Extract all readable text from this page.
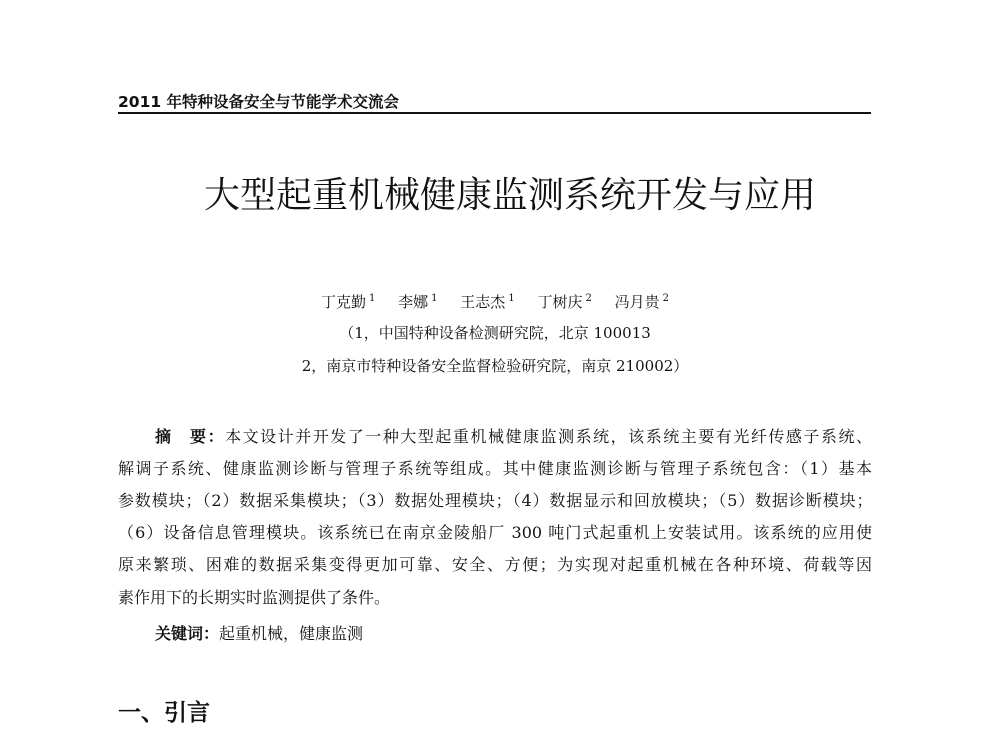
2011 年特种设备安全与节能学术交流会
大型起重机械健康监测系统开发与应用
丁克勤 $^1$ 李娜 $^1$ 王志杰 $^1$ 丁树庆 $^2$ 冯月贵 $^2$
（1，中国特种设备检测研究院，北京 100013
2，南京市特种设备安全监督检验研究院，南京 210002）
摘　要：本文设计并开发了一种大型起重机械健康监测系统，该系统主要有光纤传感子系统、
解调子系统、健康监测诊断与管理子系统等组成。其中健康监测诊断与管理子系统包含：（1）基本
参数模块；（2）数据采集模块；（3）数据处理模块；（4）数据显示和回放模块；（5）数据诊断模块；
（6）设备信息管理模块。该系统已在南京金陵船厂 300 吨门式起重机上安装试用。该系统的应用使
原来繁琐、困难的数据采集变得更加可靠、安全、方便；为实现对起重机械在各种环境、荷载等因
素作用下的长期实时监测提供了条件。
关键词：起重机械，健康监测
一、引言
